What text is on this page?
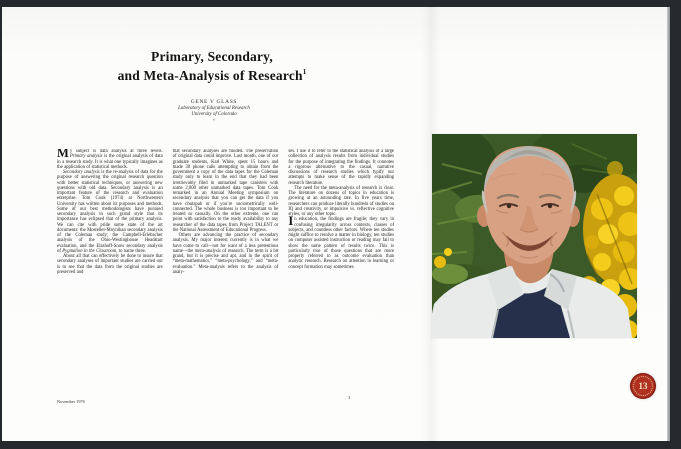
Primary, Secondary,
and Meta-Analysis of Research$^1$
GENE V GLASS
Laboratory of Educational Research
University of Colorado
*

My subject is data analysis at three levels. Primary analysis is the original analysis of data in a research study. It is what one typically imagines as the application of statistical methods.

Secondary analysis is the re-analysis of data for the purpose of answering the original research question with better statistical techniques, or answering new questions with old data. Secondary analysis is an important feature of the research and evaluation enterprise. Tom Cook (1974) at Northwestern University has written about its purposes and methods. Some of our best methodologists have pursued secondary analysis in such grand style that its importance has eclipsed that of the primary analysis. We can cite with pride some state of the art documents: the Mosteller-Moynihan secondary analysis of the Coleman study; the Campbell-Erlebacher analysis of the Ohio-Westinghouse Headstart evaluation, and the Elashoff-Snow secondary analysis of Pygmalion in the Classroom, to name three.

About all that can effectively be done to insure that secondary analyses of important studies are carried out is to see that the data from the original studies are preserved and

that secondary analyses are funded. The preservation of original data could improve. Last month, one of our graduate students, Karl White, spent 15 hours and made 30 phone calls attempting to obtain from the government a copy of the data tapes for the Coleman study only to learn in the end that they had been irretrievably filed in unmarked tape canisters with some 2,000 other unmarked data tapes. Tom Cook remarked in an Annual Meeting symposium on secondary analysis that you can get the data if you have chutzpah or if you’re sociometrically well-connected. The whole business is too important to be treated so casually. On the other extreme, one can point with satisfaction to the ready availability to any researcher of the data tapes from Project TALENT or the National Assessment of Educational Progress.

Others are advancing the practice of secondary analysis. My major interest currently is in what we have come to call—not for want of a less pretentious name—the meta-analysis of research. The term is a bit grand, but it is precise and apt, and in the spirit of “meta-mathematics,” “meta-psychology,” and “meta-evaluation.” Meta-analysis refers to the analysis of analy-

ses. I use it to refer to the statistical analysis of a large collection of analysis results from individual studies for the purpose of integrating the findings. It connotes a rigorous alternative to the casual, narrative discussions of research studies which typify our attempts to make sense of the rapidly expanding research literature.

The need for the meta-analysis of research is clear. The literature on dozens of topics in education is growing at an astounding rate. In five years time, researchers can produce literally hundreds of studies on IQ and creativity, or impulsive vs. reflective cognitive styles, or any other topic.

In education, the findings are fragile; they vary in confusing irregularity across contexts, classes of subjects, and countless other factors. Where ten studies might suffice to resolve a matter in biology, ten studies on computer assisted instruction or reading may fail to show the same pattern of results twice. This is particularly true of those questions that are more properly referred to as outcome evaluation than analytic research. Research on attention in learning or concept formation may sometimes

November 1976
3
13
